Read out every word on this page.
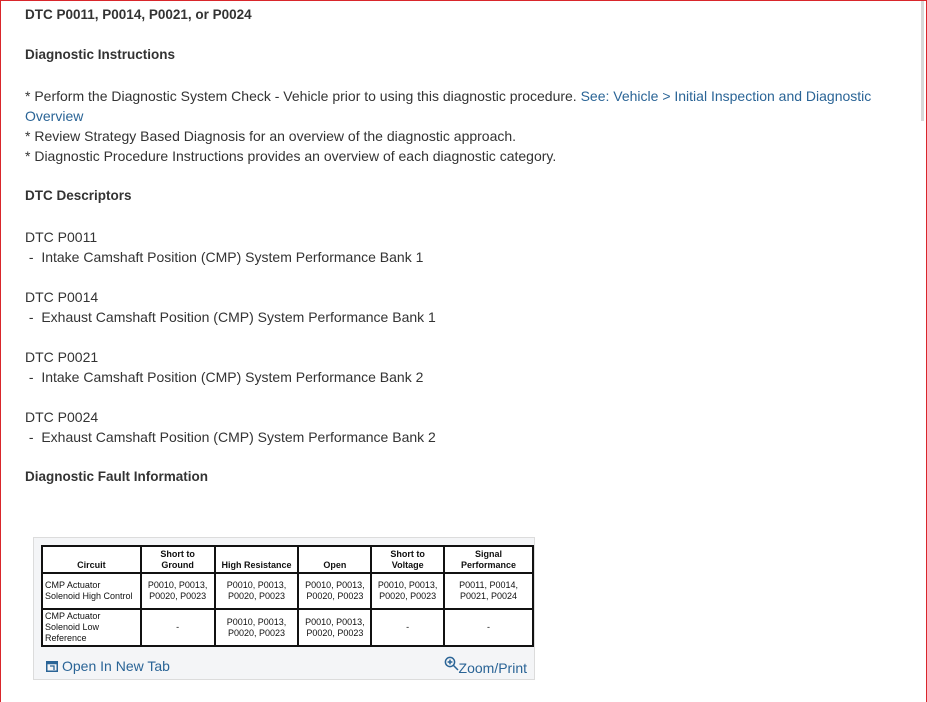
DTC P0011, P0014, P0021, or P0024
Diagnostic Instructions
* Perform the Diagnostic System Check - Vehicle prior to using this diagnostic procedure. See: Vehicle > Initial Inspection and Diagnostic Overview
* Review Strategy Based Diagnosis for an overview of the diagnostic approach.
* Diagnostic Procedure Instructions provides an overview of each diagnostic category.
DTC Descriptors
DTC P0011
-  Intake Camshaft Position (CMP) System Performance Bank 1
DTC P0014
-  Exhaust Camshaft Position (CMP) System Performance Bank 1
DTC P0021
-  Intake Camshaft Position (CMP) System Performance Bank 2
DTC P0024
-  Exhaust Camshaft Position (CMP) System Performance Bank 2
Diagnostic Fault Information
Circuit	Short to Ground	High Resistance	Open	Short to Voltage	Signal Performance
CMP Actuator Solenoid High Control	P0010, P0013, P0020, P0023	P0010, P0013, P0020, P0023	P0010, P0013, P0020, P0023	P0010, P0013, P0020, P0023	P0011, P0014, P0021, P0024
CMP Actuator Solenoid Low Reference	-	P0010, P0013, P0020, P0023	P0010, P0013, P0020, P0023	-	-
Open In New Tab	Zoom/Print
